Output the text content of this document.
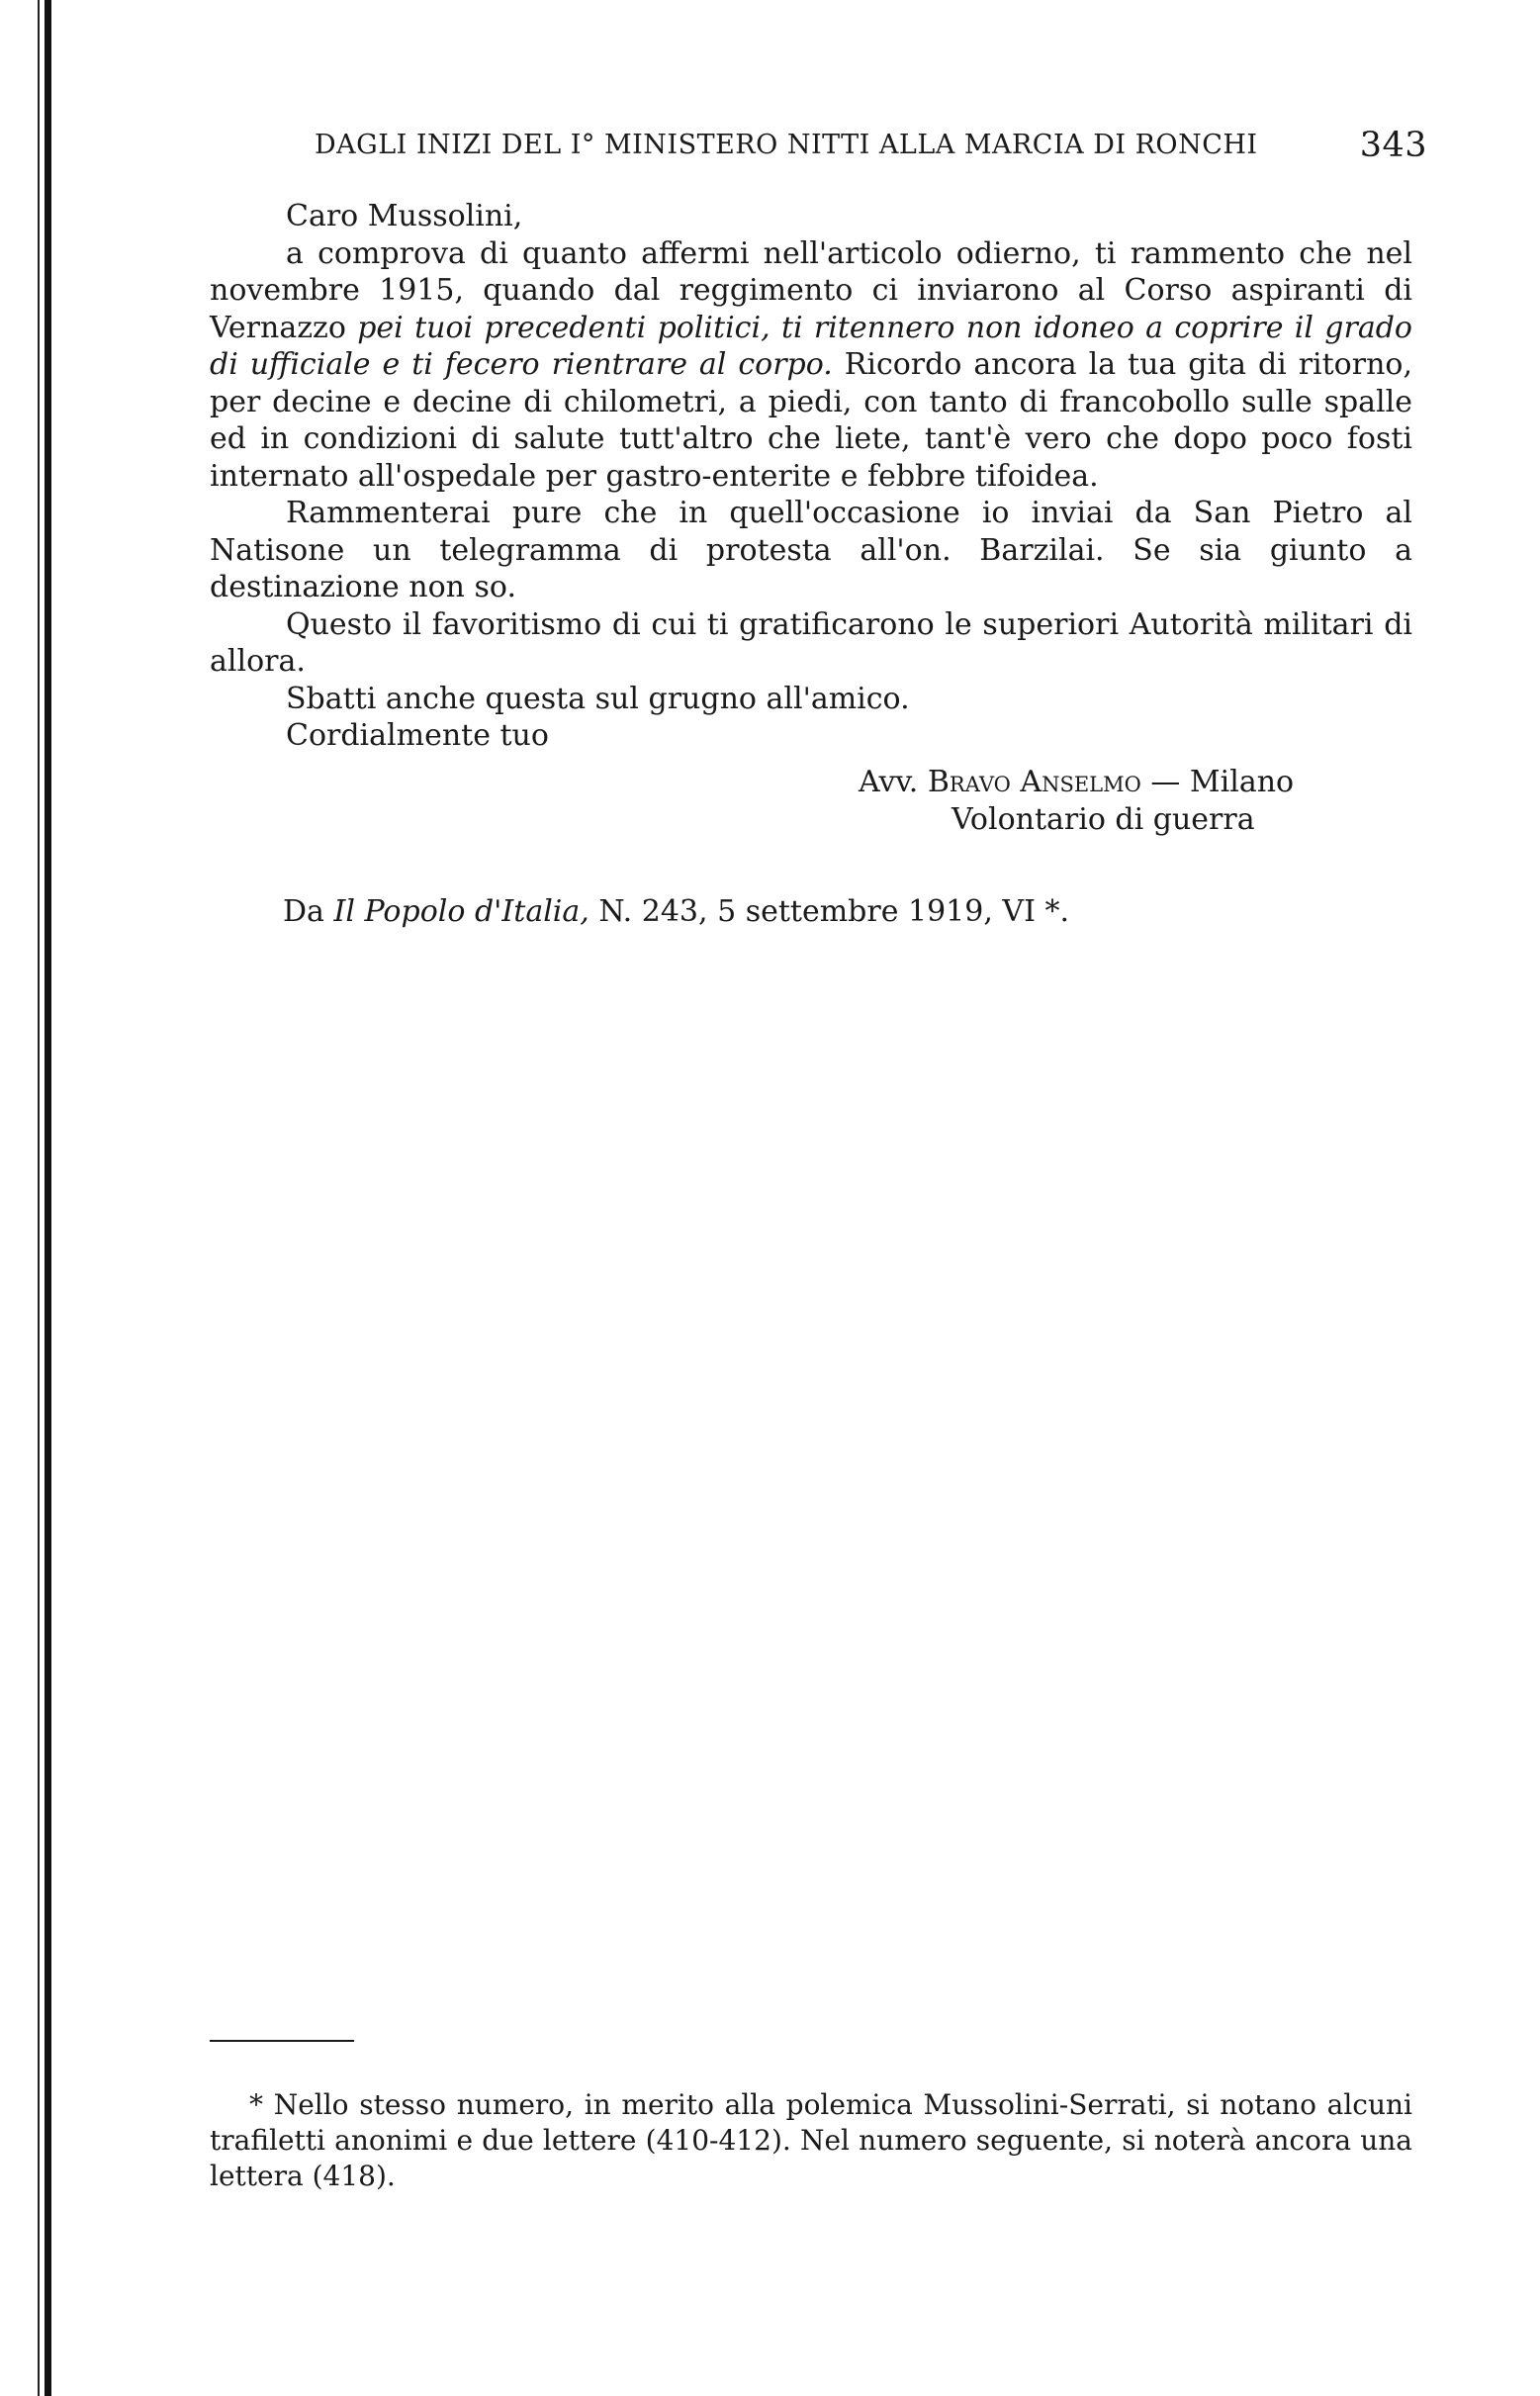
DAGLI INIZI DEL I° MINISTERO NITTI ALLA MARCIA DI RONCHI	343

Caro Mussolini,

a comprova di quanto affermi nell'articolo odierno, ti rammento che nel novembre 1915, quando dal reggimento ci inviarono al Corso aspiranti di Vernazzo pei tuoi precedenti politici, ti ritennero non idoneo a coprire il grado di ufficiale e ti fecero rientrare al corpo. Ricordo ancora la tua gita di ritorno, per decine e decine di chilometri, a piedi, con tanto di francobollo sulle spalle ed in condizioni di salute tutt'altro che liete, tant'è vero che dopo poco fosti internato all'ospedale per gastro-enterite e febbre tifoidea.

Rammenterai pure che in quell'occasione io inviai da San Pietro al Natisone un telegramma di protesta all'on. Barzilai. Se sia giunto a destinazione non so.

Questo il favoritismo di cui ti gratificarono le superiori Autorità militari di allora.

Sbatti anche questa sul grugno all'amico.

Cordialmente tuo

Avv. Bravo Anselmo — Milano

Volontario di guerra

Da Il Popolo d'Italia, N. 243, 5 settembre 1919, VI *.

* Nello stesso numero, in merito alla polemica Mussolini-Serrati, si notano alcuni trafiletti anonimi e due lettere (410-412). Nel numero seguente, si noterà ancora una lettera (418).
